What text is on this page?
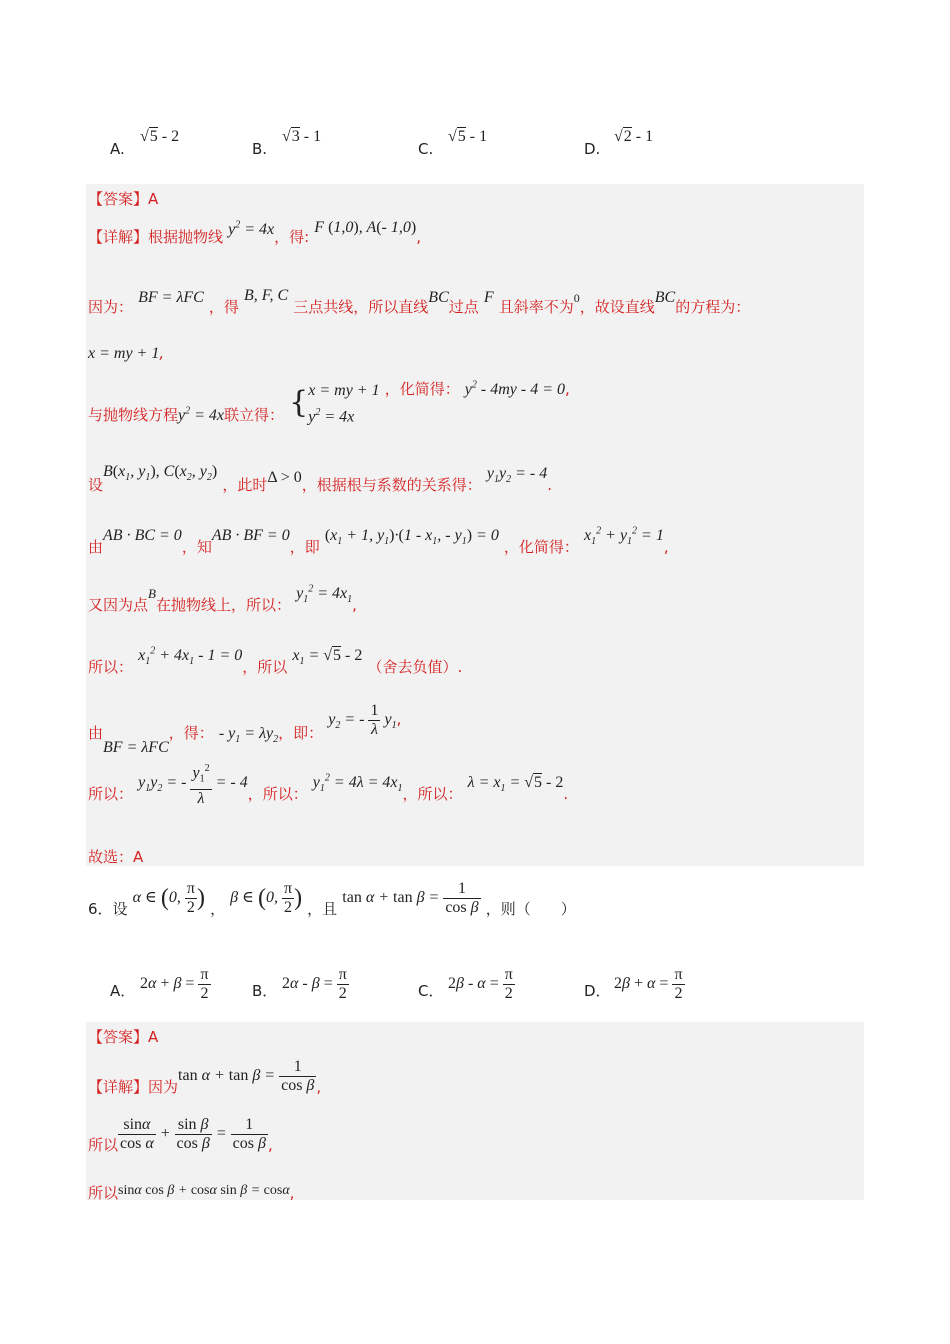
A.
√5 - 2
B.
√3 - 1
C.
√5 - 1
D.
√2 - 1
【答案】A
【详解】根据抛物线 $y^2 = 4x$，得: F (1,0), A(- 1,0),
因为： BF = λFC ，得 B, F, C 三点共线，所以直线BC过点 F 且斜率不为$^0$，故设直线BC的方程为：
x = my + 1,
与抛物线方程$y^2 = 4x$联立得： { x = my + 1
$y^2 = 4x$
，化简得： $y^2 - 4my - 4 = 0$,
设$B(x_1$, $y_1$), $C(x_2$, $y_2$) ，此时Δ > 0，根据根与系数的关系得： $y_1y_2$ = - 4.
由AB · BC = 0，知AB · BF = 0，即 ($x_1 + 1$, $y_1)\cdot(1 - x_1$, - $y_1) = 0$ ，化简得： $x_1^2 + y_1^2 = 1$,
又因为点B在抛物线上，所以： $y_1^2 = 4x_1$,
所以： $x_1^2 + 4x_1 - 1 = 0$，所以 $x_1 = √5 - 2$ （舍去负值）.
由BF = λFC，得： - $y_1 = \lambda y_2$，即： $y_2$ = - $\frac{1}{\lambda} y_1$,
所以： $y_1y_2$ = - $\frac{y_1^2}{\lambda}$ = - 4，所以： $y_1^2 = 4\lambda = 4x_1$，所以： $\lambda = x_1 = √5 - 2$.
故选：A
6．设 α ∈ (0, $\frac{\pi}{2}$ ) ， β ∈ (0, $\frac{\pi}{2}$ ) ，且 $\tan \alpha + \tan \beta = \frac{1}{\text{cos β}}$ ，则（　　）
A． $2\alpha + \beta = \frac{\pi}{2}$	B． $2\alpha - \beta = \frac{\pi}{2}$	C． $2\beta - \alpha = \frac{\pi}{2}$	D． $2\beta + \alpha = \frac{\pi}{2}$
【答案】A
【详解】因为$\tan \alpha + \tan \beta = \frac{1}{\text{cos β}}$ ,
所以 $\frac{\sin\alpha}{\text{cos α}} + \frac{\text{sin β}}{\text{cos β}} = \frac{1}{\text{cos β}}$ ,
所以sinα cos β + cosα sin β = cosα,
